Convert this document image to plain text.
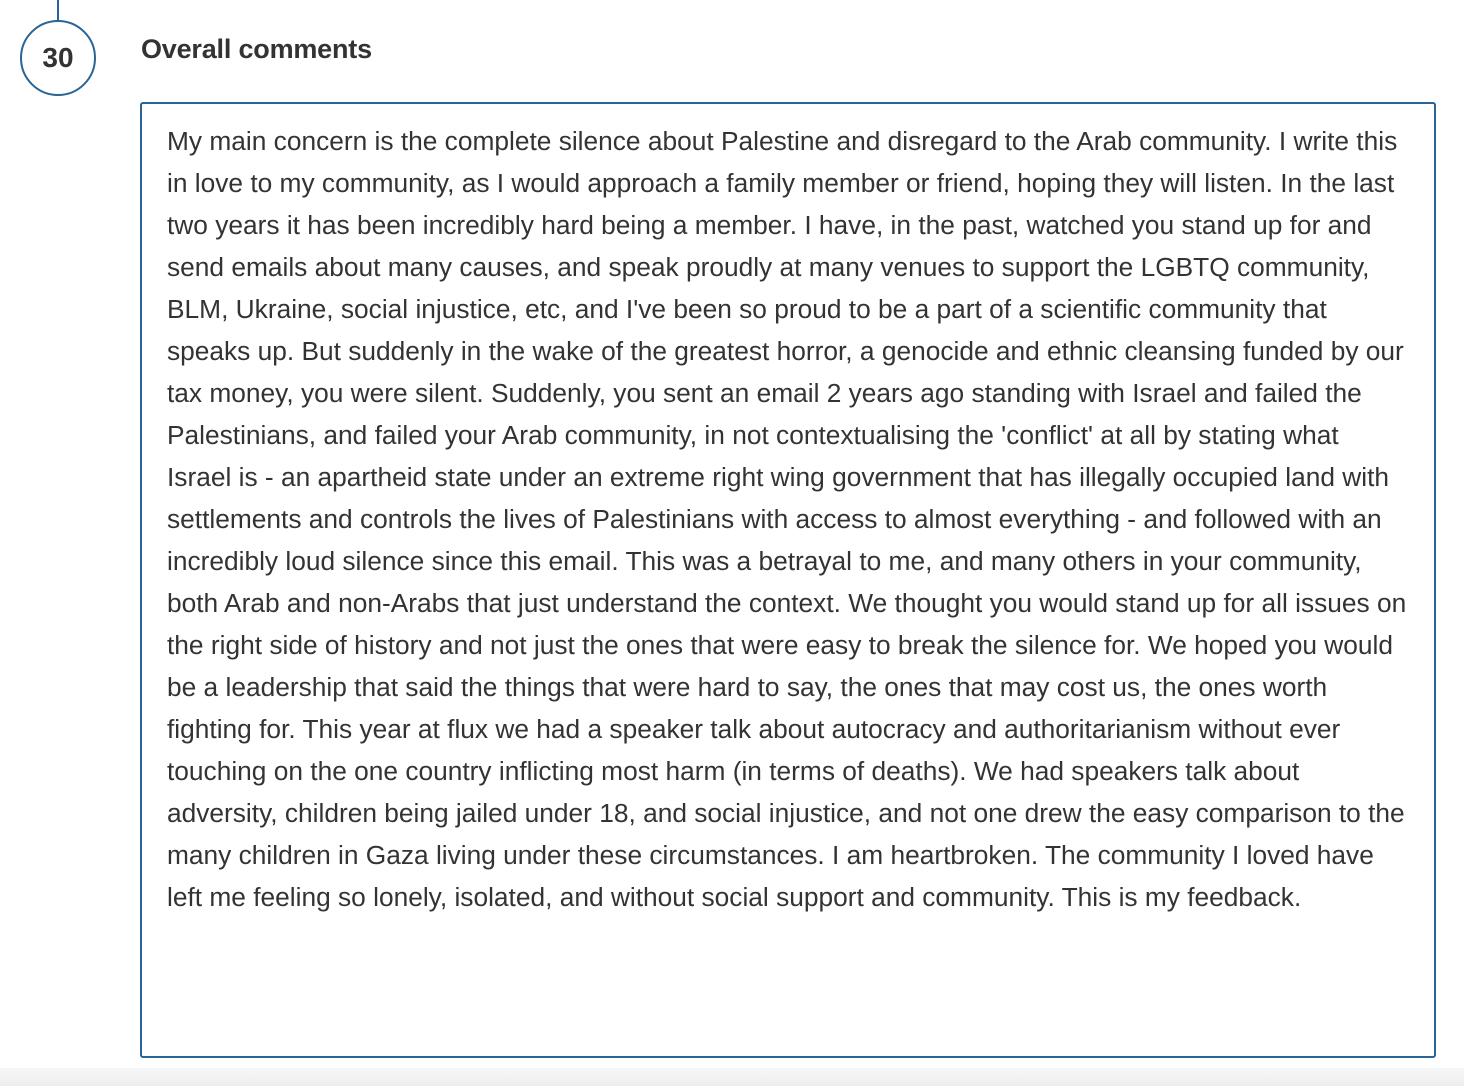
30 Overall comments
My main concern is the complete silence about Palestine and disregard to the Arab community. I write this in love to my community, as I would approach a family member or friend, hoping they will listen. In the last two years it has been incredibly hard being a member. I have, in the past, watched you stand up for and send emails about many causes, and speak proudly at many venues to support the LGBTQ community, BLM, Ukraine, social injustice, etc, and I've been so proud to be a part of a scientific community that speaks up. But suddenly in the wake of the greatest horror, a genocide and ethnic cleansing funded by our tax money, you were silent. Suddenly, you sent an email 2 years ago standing with Israel and failed the Palestinians, and failed your Arab community, in not contextualising the 'conflict' at all by stating what Israel is - an apartheid state under an extreme right wing government that has illegally occupied land with settlements and controls the lives of Palestinians with access to almost everything - and followed with an incredibly loud silence since this email. This was a betrayal to me, and many others in your community, both Arab and non-Arabs that just understand the context. We thought you would stand up for all issues on the right side of history and not just the ones that were easy to break the silence for. We hoped you would be a leadership that said the things that were hard to say, the ones that may cost us, the ones worth fighting for. This year at flux we had a speaker talk about autocracy and authoritarianism without ever touching on the one country inflicting most harm (in terms of deaths). We had speakers talk about adversity, children being jailed under 18, and social injustice, and not one drew the easy comparison to the many children in Gaza living under these circumstances. I am heartbroken. The community I loved have left me feeling so lonely, isolated, and without social support and community. This is my feedback.
